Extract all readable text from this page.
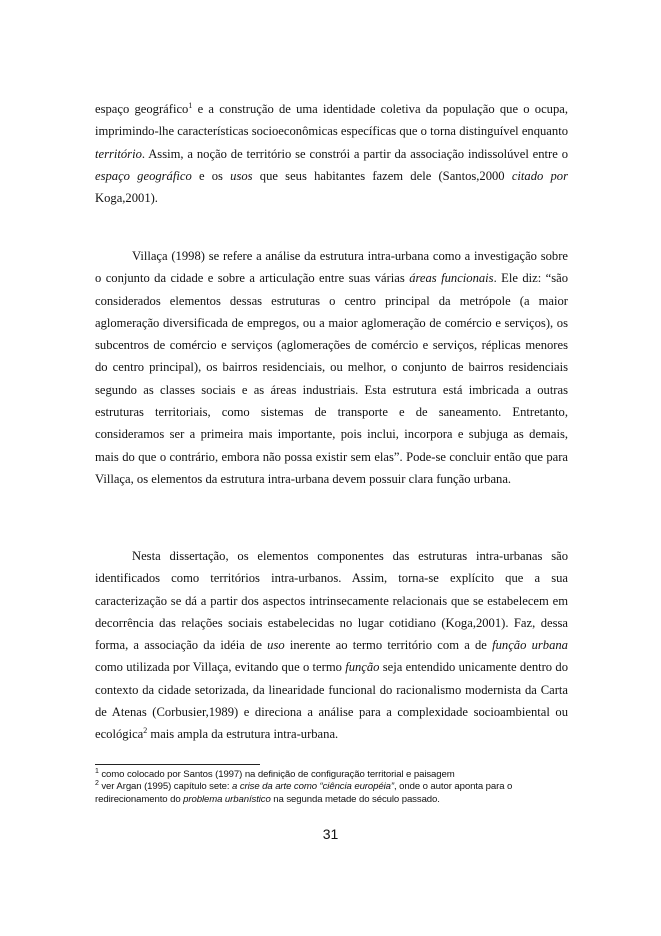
espaço geográfico$^1$ e a construção de uma identidade coletiva da população que o ocupa, imprimindo-lhe características socioeconômicas específicas que o torna distinguível enquanto território. Assim, a noção de território se constrói a partir da associação indissolúvel entre o espaço geográfico e os usos que seus habitantes fazem dele (Santos,2000 citado por Koga,2001).

Villaça (1998) se refere a análise da estrutura intra-urbana como a investigação sobre o conjunto da cidade e sobre a articulação entre suas várias áreas funcionais. Ele diz: “são considerados elementos dessas estruturas o centro principal da metrópole (a maior aglomeração diversificada de empregos, ou a maior aglomeração de comércio e serviços), os subcentros de comércio e serviços (aglomerações de comércio e serviços, réplicas menores do centro principal), os bairros residenciais, ou melhor, o conjunto de bairros residenciais segundo as classes sociais e as áreas industriais. Esta estrutura está imbricada a outras estruturas territoriais, como sistemas de transporte e de saneamento. Entretanto, consideramos ser a primeira mais importante, pois inclui, incorpora e subjuga as demais, mais do que o contrário, embora não possa existir sem elas”. Pode-se concluir então que para Villaça, os elementos da estrutura intra-urbana devem possuir clara função urbana.

Nesta dissertação, os elementos componentes das estruturas intra-urbanas são identificados como territórios intra-urbanos. Assim, torna-se explícito que a sua caracterização se dá a partir dos aspectos intrinsecamente relacionais que se estabelecem em decorrência das relações sociais estabelecidas no lugar cotidiano (Koga,2001). Faz, dessa forma, a associação da idéia de uso inerente ao termo território com a de função urbana como utilizada por Villaça, evitando que o termo função seja entendido unicamente dentro do contexto da cidade setorizada, da linearidade funcional do racionalismo modernista da Carta de Atenas (Corbusier,1989) e direciona a análise para a complexidade socioambiental ou ecológica$^2$ mais ampla da estrutura intra-urbana.

$^1$ como colocado por Santos (1997) na definição de configuração territorial e paisagem

$^2$ ver Argan (1995) capítulo sete: a crise da arte como “ciência européia”, onde o autor aponta para o redirecionamento do problema urbanístico na segunda metade do século passado.

31
